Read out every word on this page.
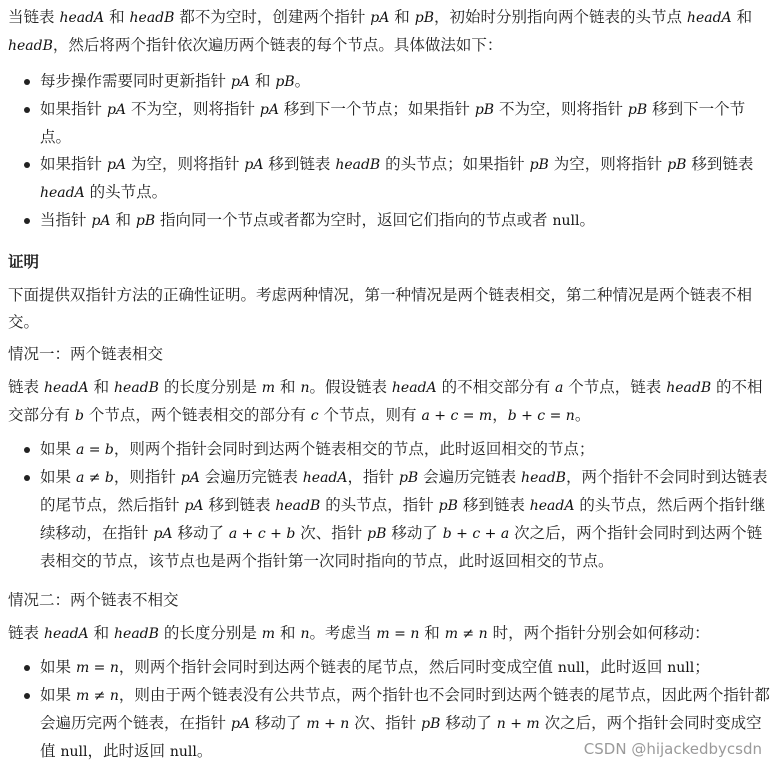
当链表 headA 和 headB 都不为空时，创建两个指针 pA 和 pB，初始时分别指向两个链表的头节点 headA 和 headB，然后将两个指针依次遍历两个链表的每个节点。具体做法如下：

每步操作需要同时更新指针 pA 和 pB。
如果指针 pA 不为空，则将指针 pA 移到下一个节点；如果指针 pB 不为空，则将指针 pB 移到下一个节点。
如果指针 pA 为空，则将指针 pA 移到链表 headB 的头节点；如果指针 pB 为空，则将指针 pB 移到链表 headA 的头节点。
当指针 pA 和 pB 指向同一个节点或者都为空时，返回它们指向的节点或者 null。

证明

下面提供双指针方法的正确性证明。考虑两种情况，第一种情况是两个链表相交，第二种情况是两个链表不相交。

情况一：两个链表相交

链表 headA 和 headB 的长度分别是 m 和 n。假设链表 headA 的不相交部分有 a 个节点，链表 headB 的不相交部分有 b 个节点，两个链表相交的部分有 c 个节点，则有 a + c = m，b + c = n。

如果 a = b，则两个指针会同时到达两个链表相交的节点，此时返回相交的节点；
如果 a ≠ b，则指针 pA 会遍历完链表 headA，指针 pB 会遍历完链表 headB，两个指针不会同时到达链表的尾节点，然后指针 pA 移到链表 headB 的头节点，指针 pB 移到链表 headA 的头节点，然后两个指针继续移动，在指针 pA 移动了 a + c + b 次、指针 pB 移动了 b + c + a 次之后，两个指针会同时到达两个链表相交的节点，该节点也是两个指针第一次同时指向的节点，此时返回相交的节点。

情况二：两个链表不相交

链表 headA 和 headB 的长度分别是 m 和 n。考虑当 m = n 和 m ≠ n 时，两个指针分别会如何移动：

如果 m = n，则两个指针会同时到达两个链表的尾节点，然后同时变成空值 null，此时返回 null；
如果 m ≠ n，则由于两个链表没有公共节点，两个指针也不会同时到达两个链表的尾节点，因此两个指针都会遍历完两个链表，在指针 pA 移动了 m + n 次、指针 pB 移动了 n + m 次之后，两个指针会同时变成空值 null，此时返回 null。	CSDN @hijackedbycsdn
